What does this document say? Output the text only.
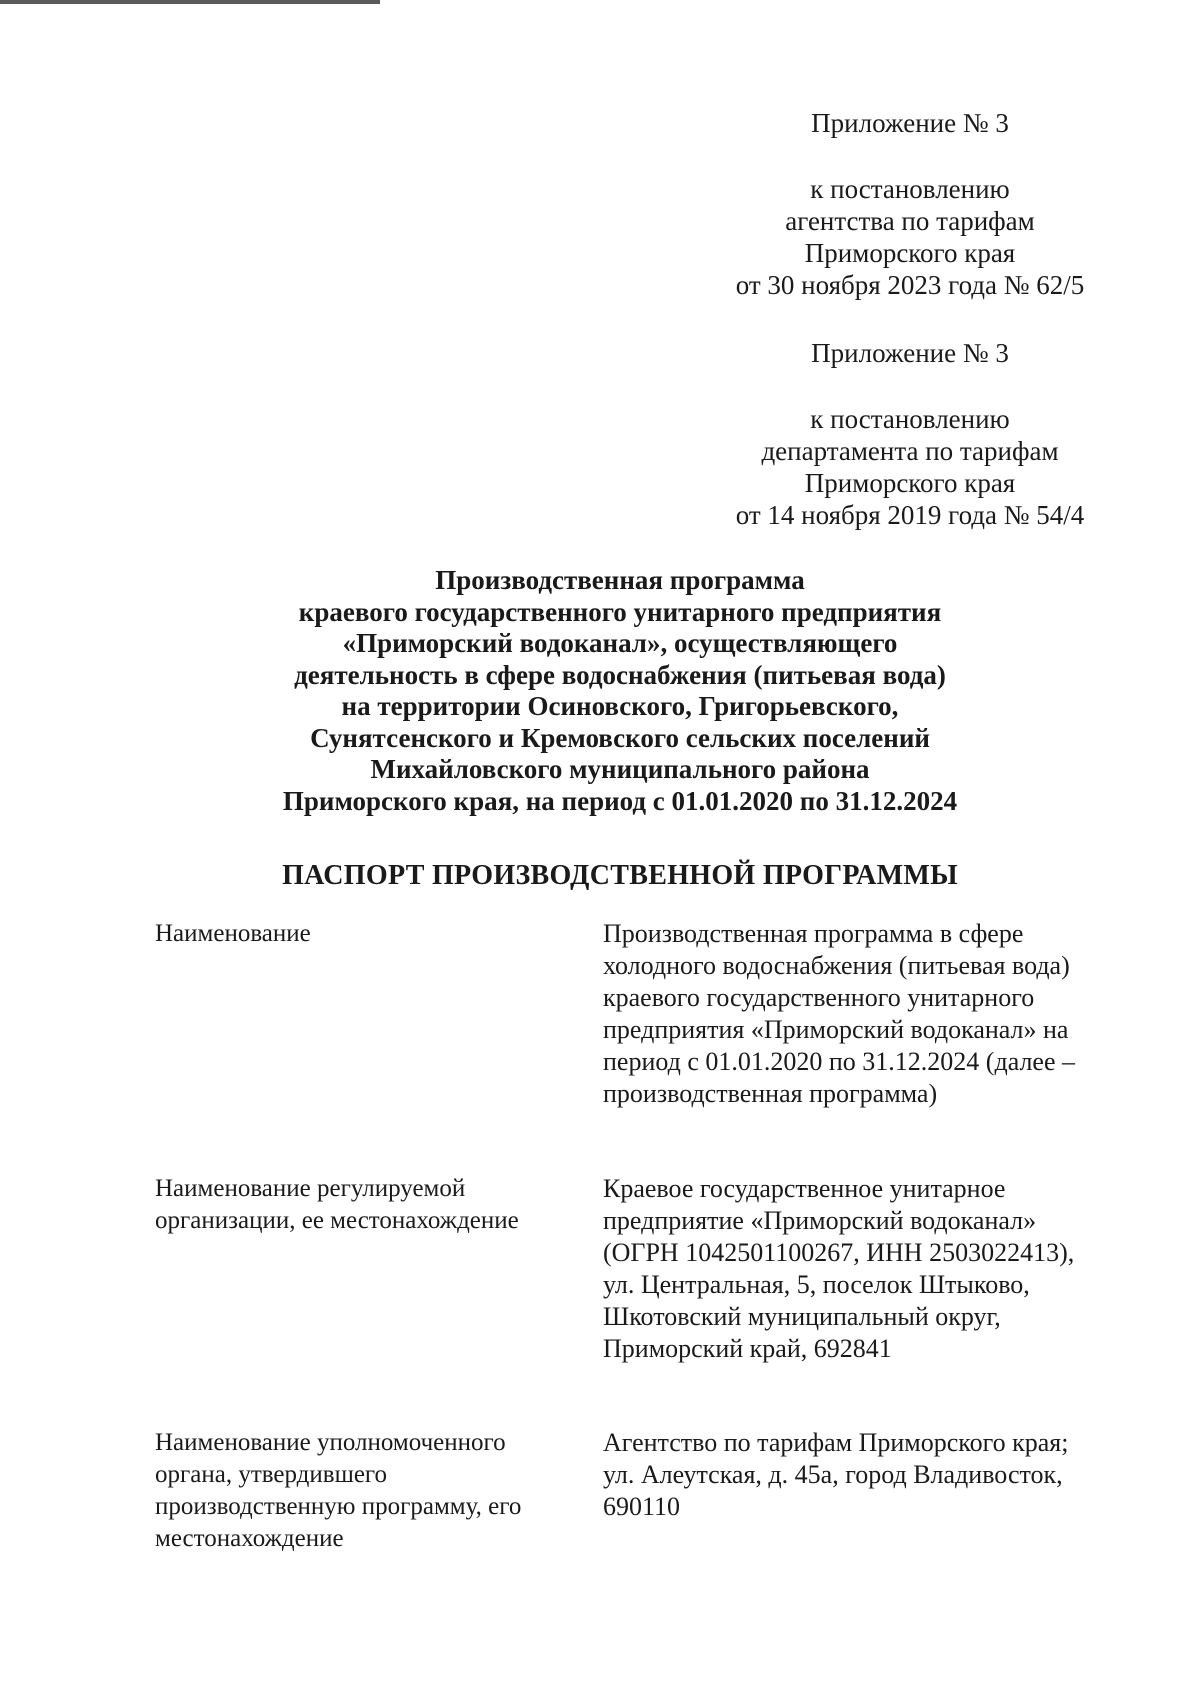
Приложение № 3

к постановлению

агентства по тарифам

Приморского края

от 30 ноября 2023 года № 62/5

Приложение № 3

к постановлению

департамента по тарифам

Приморского края

от 14 ноября 2019 года № 54/4

Производственная программа
краевого государственного унитарного предприятия
«Приморский водоканал», осуществляющего
деятельность в сфере водоснабжения (питьевая вода)
на территории Осиновского, Григорьевского,
Сунятсенского и Кремовского сельских поселений
Михайловского муниципального района
Приморского края, на период с 01.01.2020 по 31.12.2024
ПАСПОРТ ПРОИЗВОДСТВЕННОЙ ПРОГРАММЫ
Наименование	Производственная программа в сфере
холодного водоснабжения (питьевая вода)
краевого государственного унитарного
предприятия «Приморский водоканал» на
период с 01.01.2020 по 31.12.2024 (далее –
производственная программа)
Наименование регулируемой
организации, ее местонахождение
Краевое государственное унитарное
предприятие «Приморский водоканал»
(ОГРН 1042501100267, ИНН 2503022413),
ул. Центральная, 5, поселок Штыково,
Шкотовский муниципальный округ,
Приморский край, 692841
Наименование уполномоченного
органа, утвердившего
производственную программу, его
местонахождение
Агентство по тарифам Приморского края;
ул. Алеутская, д. 45а, город Владивосток,
690110
